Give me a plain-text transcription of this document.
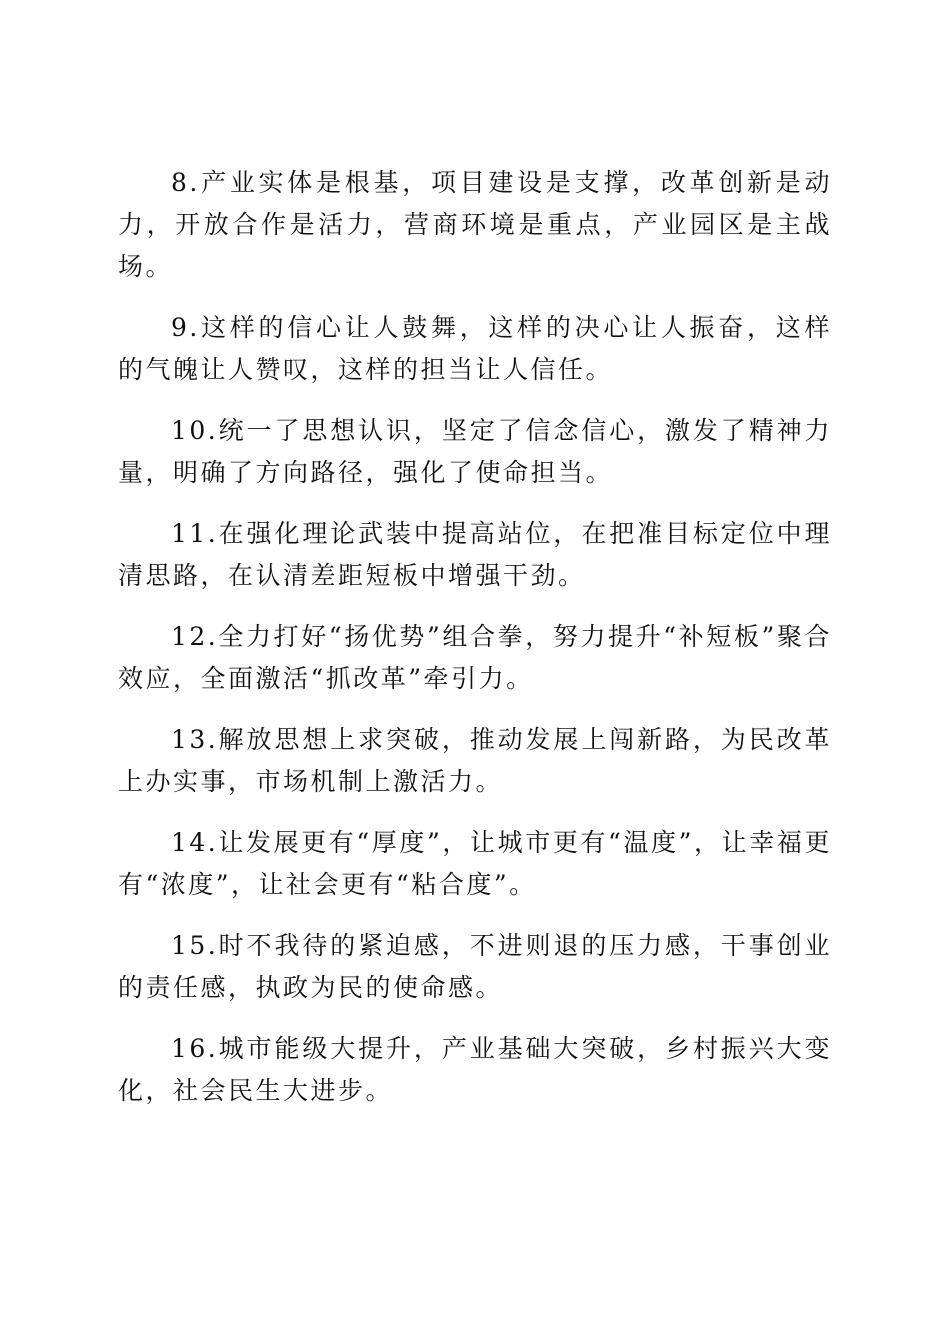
8.产业实体是根基，项目建设是支撑，改革创新是动力，开放合作是活力，营商环境是重点，产业园区是主战场。

9.这样的信心让人鼓舞，这样的决心让人振奋，这样的气魄让人赞叹，这样的担当让人信任。

10.统一了思想认识，坚定了信念信心，激发了精神力量，明确了方向路径，强化了使命担当。

11.在强化理论武装中提高站位，在把准目标定位中理清思路，在认清差距短板中增强干劲。

12.全力打好“扬优势”组合拳，努力提升“补短板”聚合效应，全面激活“抓改革”牵引力。

13.解放思想上求突破，推动发展上闯新路，为民改革上办实事，市场机制上激活力。

14.让发展更有“厚度”，让城市更有“温度”，让幸福更有“浓度”，让社会更有“粘合度”。

15.时不我待的紧迫感，不进则退的压力感，干事创业的责任感，执政为民的使命感。

16.城市能级大提升，产业基础大突破，乡村振兴大变化，社会民生大进步。
